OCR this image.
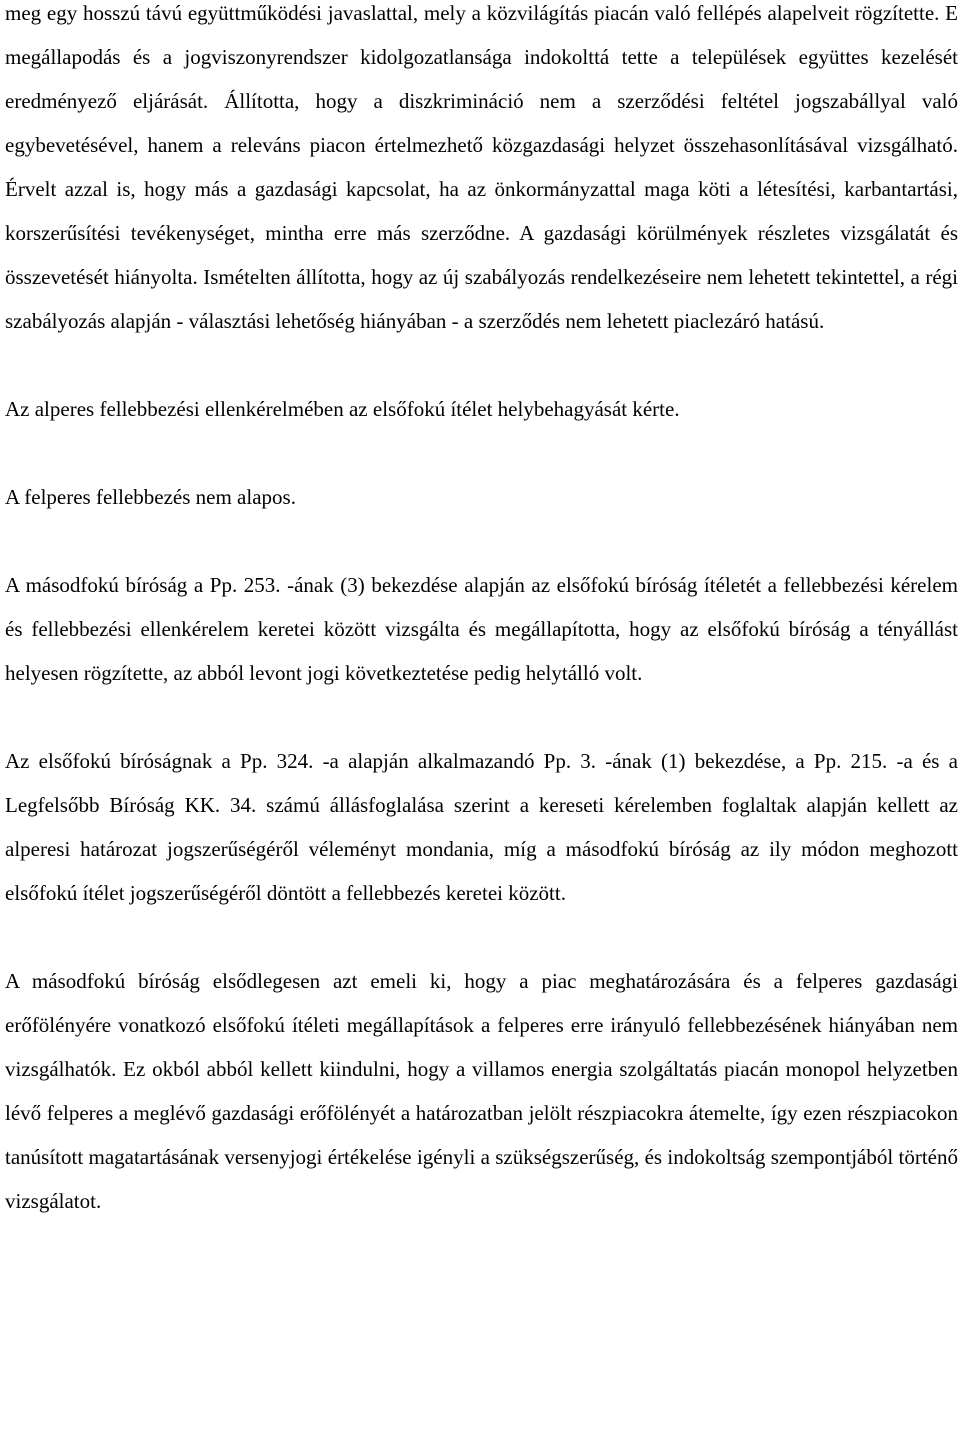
meg egy hosszú távú együttműködési javaslattal, mely a közvilágítás piacán való fellépés alapelveit rögzítette. E megállapodás és a jogviszonyrendszer kidolgozatlansága indokolttá tette a települések együttes kezelését eredményező eljárását. Állította, hogy a diszkrimináció nem a szerződési feltétel jogszabállyal való egybevetésével, hanem a releváns piacon értelmezhető közgazdasági helyzet összehasonlításával vizsgálható. Érvelt azzal is, hogy más a gazdasági kapcsolat, ha az önkormányzattal maga köti a létesítési, karbantartási, korszerűsítési tevékenységet, mintha erre más szerződne. A gazdasági körülmények részletes vizsgálatát és összevetését hiányolta. Ismételten állította, hogy az új szabályozás rendelkezéseire nem lehetett tekintettel, a régi szabályozás alapján - választási lehetőség hiányában - a szerződés nem lehetett piaclezáró hatású.

Az alperes fellebbezési ellenkérelmében az elsőfokú ítélet helybehagyását kérte.

A felperes fellebbezés nem alapos.

A másodfokú bíróság a Pp. 253. -ának (3) bekezdése alapján az elsőfokú bíróság ítéletét a fellebbezési kérelem és fellebbezési ellenkérelem keretei között vizsgálta és megállapította, hogy az elsőfokú bíróság a tényállást helyesen rögzítette, az abból levont jogi következtetése pedig helytálló volt.

Az elsőfokú bíróságnak a Pp. 324. -a alapján alkalmazandó Pp. 3. -ának (1) bekezdése, a Pp. 215. -a és a Legfelsőbb Bíróság KK. 34. számú állásfoglalása szerint a kereseti kérelemben foglaltak alapján kellett az alperesi határozat jogszerűségéről véleményt mondania, míg a másodfokú bíróság az ily módon meghozott elsőfokú ítélet jogszerűségéről döntött a fellebbezés keretei között.

A másodfokú bíróság elsődlegesen azt emeli ki, hogy a piac meghatározására és a felperes gazdasági erőfölényére vonatkozó elsőfokú ítéleti megállapítások a felperes erre irányuló fellebbezésének hiányában nem vizsgálhatók. Ez okból abból kellett kiindulni, hogy a villamos energia szolgáltatás piacán monopol helyzetben lévő felperes a meglévő gazdasági erőfölényét a határozatban jelölt részpiacokra átemelte, így ezen részpiacokon tanúsított magatartásának versenyjogi értékelése igényli a szükségszerűség, és indokoltság szempontjából történő vizsgálatot.
